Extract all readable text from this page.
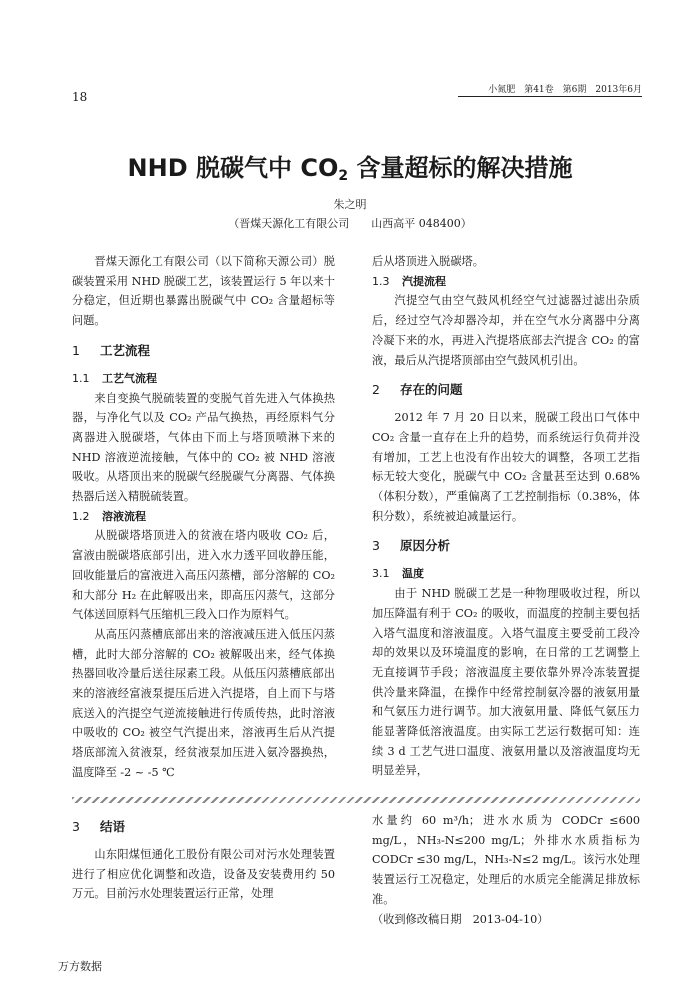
18	小氮肥　第41卷　第6期　2013年6月
NHD 脱碳气中 $CO_2$ 含量超标的解决措施
朱之明
（晋煤天源化工有限公司　　山西高平 048400）

晋煤天源化工有限公司（以下简称天源公司）脱碳装置采用 NHD 脱碳工艺，该装置运行 5 年以来十分稳定，但近期也暴露出脱碳气中 CO₂ 含量超标等问题。

1 工艺流程
1.1 工艺气流程

来自变换气脱硫装置的变脱气首先进入气体换热器，与净化气以及 CO₂ 产品气换热，再经原料气分离器进入脱碳塔，气体由下而上与塔顶喷淋下来的 NHD 溶液逆流接触，气体中的 CO₂ 被 NHD 溶液吸收。从塔顶出来的脱碳气经脱碳气分离器、气体换热器后送入精脱硫装置。

1.2 溶液流程

从脱碳塔塔顶进入的贫液在塔内吸收 CO₂ 后，富液由脱碳塔底部引出，进入水力透平回收静压能，回收能量后的富液进入高压闪蒸槽，部分溶解的 CO₂ 和大部分 H₂ 在此解吸出来，即高压闪蒸气，这部分气体送回原料气压缩机三段入口作为原料气。

从高压闪蒸槽底部出来的溶液减压进入低压闪蒸槽，此时大部分溶解的 CO₂ 被解吸出来，经气体换热器回收冷量后送往尿素工段。从低压闪蒸槽底部出来的溶液经富液泵提压后进入汽提塔，自上而下与塔底送入的汽提空气逆流接触进行传质传热，此时溶液中吸收的 CO₂ 被空气汽提出来，溶液再生后从汽提塔底部流入贫液泵，经贫液泵加压进入氨冷器换热，温度降至 -2 ~ -5 ℃

后从塔顶进入脱碳塔。

1.3 汽提流程

汽提空气由空气鼓风机经空气过滤器过滤出杂质后，经过空气冷却器冷却，并在空气水分离器中分离冷凝下来的水，再进入汽提塔底部去汽提含 CO₂ 的富液，最后从汽提塔顶部由空气鼓风机引出。

2 存在的问题

2012 年 7 月 20 日以来，脱碳工段出口气体中 CO₂ 含量一直存在上升的趋势，而系统运行负荷并没有增加，工艺上也没有作出较大的调整，各项工艺指标无较大变化，脱碳气中 CO₂ 含量甚至达到 0.68%（体积分数），严重偏离了工艺控制指标（0.38%，体积分数），系统被迫减量运行。

3 原因分析
3.1 温度

由于 NHD 脱碳工艺是一种物理吸收过程，所以加压降温有利于 CO₂ 的吸收，而温度的控制主要包括入塔气温度和溶液温度。入塔气温度主要受前工段冷却的效果以及环境温度的影响，在日常的工艺调整上无直接调节手段；溶液温度主要依靠外界冷冻装置提供冷量来降温，在操作中经常控制氨冷器的液氨用量和气氨压力进行调节。加大液氨用量、降低气氨压力能显著降低溶液温度。由实际工艺运行数据可知：连续 3 d 工艺气进口温度、液氨用量以及溶液温度均无明显差异，

3 结语

山东阳煤恒通化工股份有限公司对污水处理装置进行了相应优化调整和改造，设备及安装费用约 50 万元。目前污水处理装置运行正常，处理

水量约 60 m³/h；进水水质为 CODCr ≤600 mg/L，NH₃-N≤200 mg/L；外排水水质指标为 CODCr ≤30 mg/L，NH₃-N≤2 mg/L。该污水处理装置运行工况稳定，处理后的水质完全能满足排放标准。

（收到修改稿日期　2013-04-10）

万方数据
